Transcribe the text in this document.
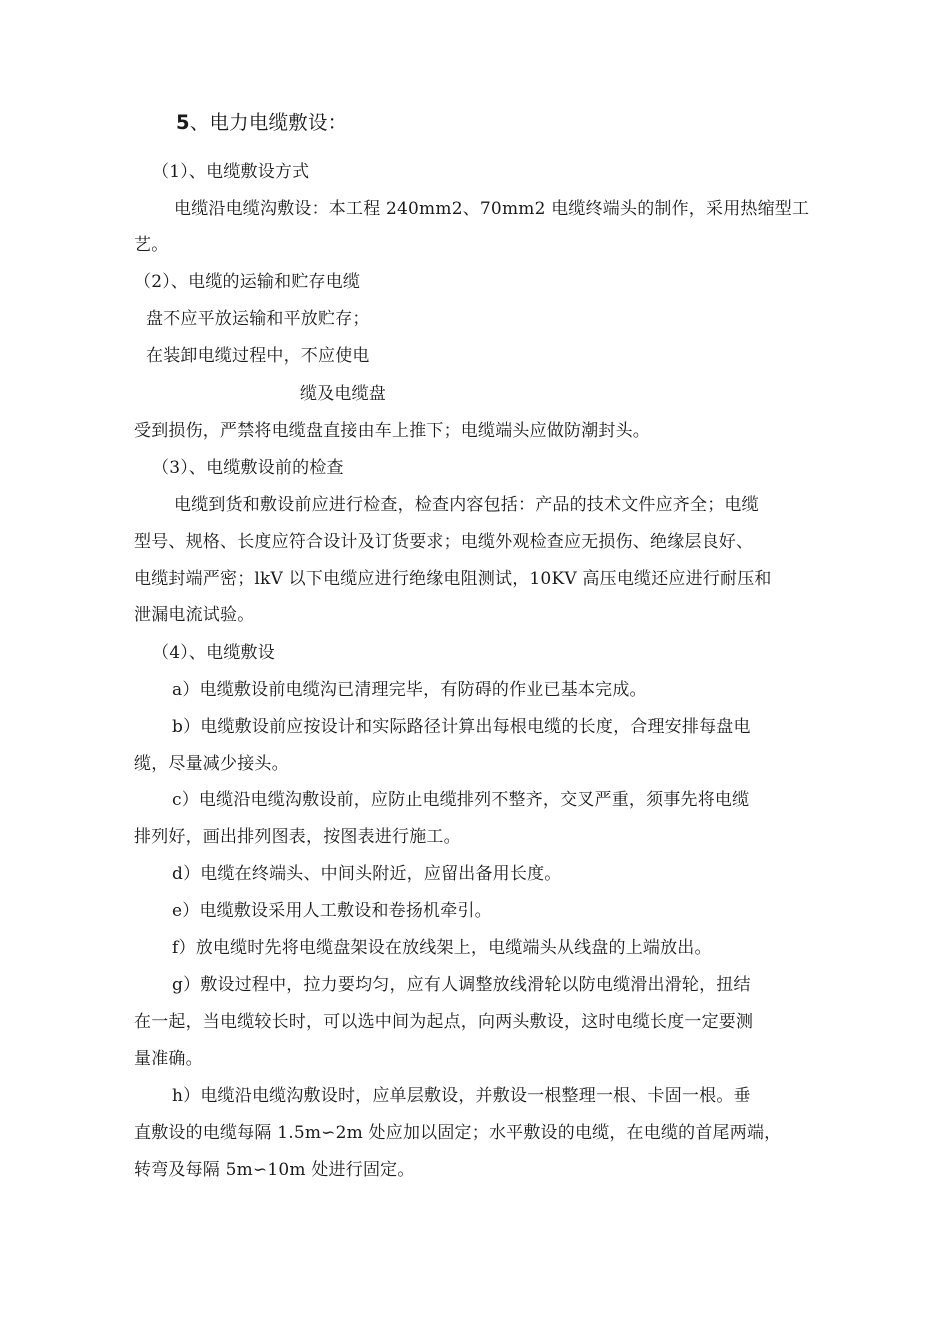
5、电力电缆敷设：
（1）、电缆敷设方式
电缆沿电缆沟敷设：本工程 240mm2、70mm2 电缆终端头的制作，采用热缩型工
艺。
（2）、电缆的运输和贮存电缆
盘不应平放运输和平放贮存；
在装卸电缆过程中，不应使电
缆及电缆盘
受到损伤，严禁将电缆盘直接由车上推下；电缆端头应做防潮封头。
（3）、电缆敷设前的检查
电缆到货和敷设前应进行检查，检查内容包括：产品的技术文件应齐全；电缆
型号、规格、长度应符合设计及订货要求；电缆外观检查应无损伤、绝缘层良好、
电缆封端严密；lkV 以下电缆应进行绝缘电阻测试，10KV 高压电缆还应进行耐压和
泄漏电流试验。
（4）、电缆敷设
a）电缆敷设前电缆沟已清理完毕，有防碍的作业已基本完成。
b）电缆敷设前应按设计和实际路径计算出每根电缆的长度，合理安排每盘电
缆，尽量减少接头。
c）电缆沿电缆沟敷设前，应防止电缆排列不整齐，交叉严重，须事先将电缆
排列好，画出排列图表，按图表进行施工。
d）电缆在终端头、中间头附近，应留出备用长度。
e）电缆敷设采用人工敷设和卷扬机牵引。
f）放电缆时先将电缆盘架设在放线架上，电缆端头从线盘的上端放出。
g）敷设过程中，拉力要均匀，应有人调整放线滑轮以防电缆滑出滑轮，扭结
在一起，当电缆较长时，可以选中间为起点，向两头敷设，这时电缆长度一定要测
量准确。
h）电缆沿电缆沟敷设时，应单层敷设，并敷设一根整理一根、卡固一根。垂
直敷设的电缆每隔 1.5m∽2m 处应加以固定；水平敷设的电缆，在电缆的首尾两端，
转弯及每隔 5m∽10m 处进行固定。
